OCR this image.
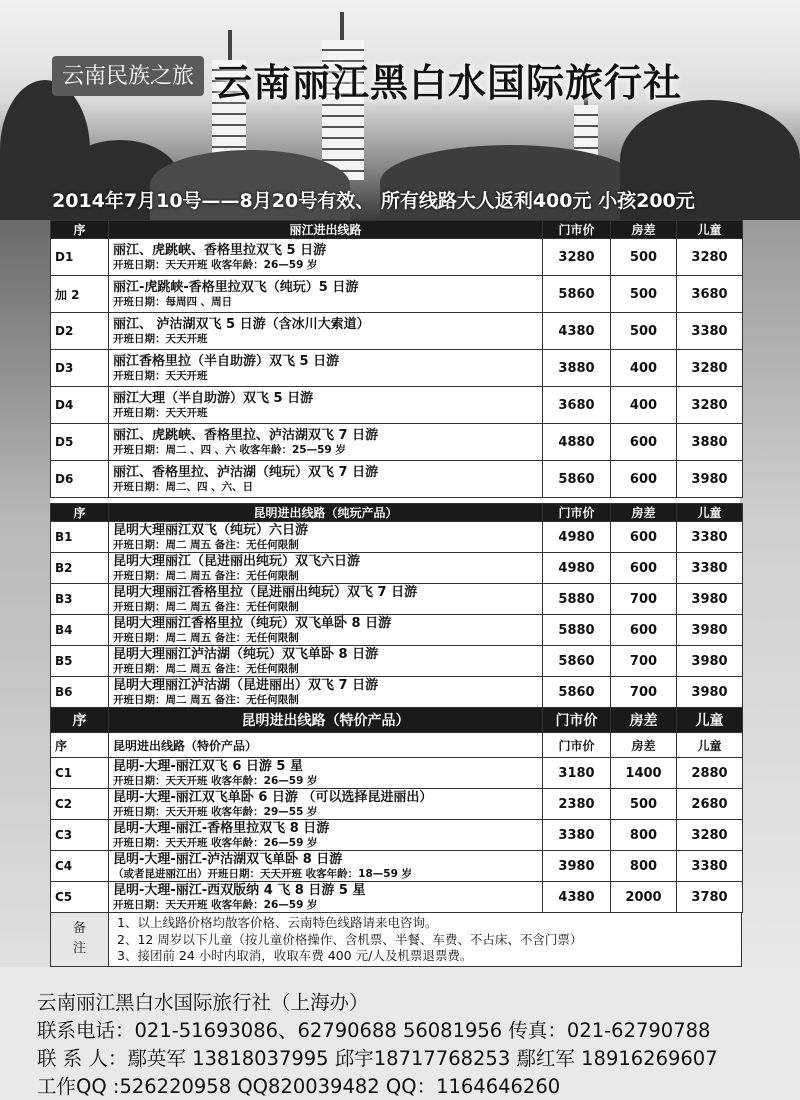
云南民族之旅 云南丽江黑白水国际旅行社
2014年7月10号——8月20号有效、 所有线路大人返利400元 小孩200元
序	丽江进出线路	门市价	房差	儿童
D1	丽江、虎跳峡、香格里拉双飞 5 日游
开班日期：天天开班 收客年龄：26—59 岁	3280	500	3280
加 2	丽江-虎跳峡-香格里拉双飞（纯玩）5 日游
开班日期：每周四 、周日	5860	500	3680
D2	丽江、 泸沽湖双飞 5 日游（含冰川大索道）
开班日期：天天开班	4380	500	3380
D3	丽江香格里拉（半自助游）双飞 5 日游
开班日期：天天开班	3880	400	3280
D4	丽江大理（半自助游）双飞 5 日游
开班日期：天天开班	3680	400	3280
D5	丽江、虎跳峡、香格里拉、泸沽湖双飞 7 日游
开班日期：周二 、四 、六 收客年龄：25—59 岁	4880	600	3880
D6	丽江、香格里拉、泸沽湖（纯玩）双飞 7 日游
开班日期：周二、四 、六、日	5860	600	3980
序	昆明进出线路（纯玩产品）	门市价	房差	儿童
B1	昆明大理丽江双飞（纯玩）六日游
开班日期：周二 周五 备注：无任何限制	4980	600	3380
B2	昆明大理丽江（昆进丽出纯玩）双飞六日游
开班日期：周二 周五 备注：无任何限制	4980	600	3380
B3	昆明大理丽江香格里拉（昆进丽出纯玩）双飞 7 日游
开班日期：周二 周五 备注：无任何限制	5880	700	3980
B4	昆明大理丽江香格里拉（纯玩）双飞单卧 8 日游
开班日期：周二 周五 备注：无任何限制	5880	600	3980
B5	昆明大理丽江泸沽湖（纯玩）双飞单卧 8 日游
开班日期：周二 周五 备注：无任何限制	5860	700	3980
B6	昆明大理丽江泸沽湖（昆进丽出）双飞 7 日游
开班日期：周二 周五 备注：无任何限制	5860	700	3980
序	昆明进出线路（特价产品）	门市价	房差	儿童
序	昆明进出线路（特价产品）	门市价	房差	儿童
C1	昆明-大理-丽江双飞 6 日游 5 星
开班日期：天天开班 收客年龄：26—59 岁	3180	1400	2880
C2	昆明-大理-丽江双飞单卧 6 日游 （可以选择昆进丽出）
开班日期：天天开班 收客年龄：29—55 岁	2380	500	2680
C3	昆明-大理-丽江-香格里拉双飞 8 日游
开班日期：天天开班 收客年龄：26—59 岁	3380	800	3280
C4	昆明-大理-丽江-泸沽湖双飞单卧 8 日游
（或者昆进丽江出）开班日期：天天开班 收客年龄：18—59 岁	3980	800	3380
C5	昆明-大理-丽江-西双版纳 4 飞 8 日游 5 星
开班日期：天天开班 收客年龄：26—59 岁	4380	2000	3780
备
注
1、以上线路价格均散客价格、云南特色线路请来电咨询。
2、12 周岁以下儿童（按儿童价格操作、含机票、半餐、车费、不占床、不含门票）
3、接团前 24 小时内取消，收取车费 400 元/人及机票退票费。
云南丽江黑白水国际旅行社（上海办）
联系电话：021-51693086、62790688 56081956 传真：021-62790788
联 系 人：鄢英军 13818037995 邱宇18717768253 鄢红军 18916269607
工作QQ :526220958 QQ820039482 QQ：1164646260
